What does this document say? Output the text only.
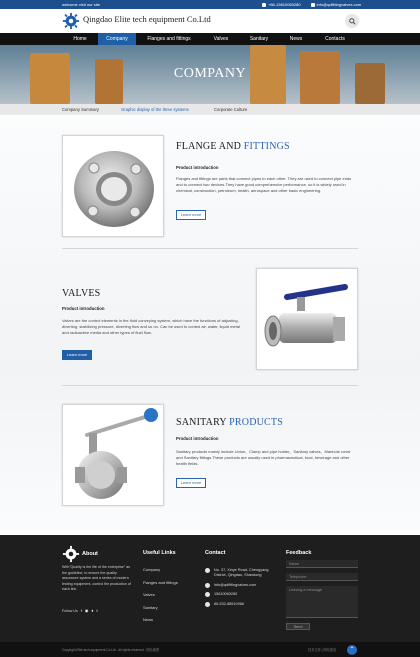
welcome visit our site	+86-15610060280	info@qdfittingvalves.com
Qingdao Elite tech equipment Co.Ltd
Home	Company	Flanges and fittings	Valves	Sanitary	News	Contacts
COMPANY
Company Summary	Graphic display of the three systems	Corporate Culture
FLANGE AND FITTINGS
Product introduction
Flanges and fittings are parts that connect pipes to each other. They are used to connect pipe ends and to connect two devices.They have good comprehensive performance, so it is widely used in chemical, construction, petroleum, health, aerospace and other basic engineering.
Learn more
VALVES
Product introduction
Valves are the control elements in the fluid conveying system, which have the functions of adjusting, diverting, stabilizing pressure, diverting flow and so on. Can be used to control air, water, liquid metal and radioactive media and other types of fluid flow.
Learn more
SANITARY PRODUCTS
Product introduction
Sanitary products mainly include Union、Clamp and pipe holder、Sanitary valves、Manhole cover and Sanitary fittings.These products are usually used in pharmaceutical, food, beverage and other health fields.
Learn more
About
With"Quality is the life of the enterprise" as the guideline, to ensure the quality assurance system and a series of modern testing equipment, control the production of each link.
Follow Us f ◉ ♦ t
Useful Links
Company
Flanges and fittings
Valves
Sanitary
News
Contact
No. 37, Xinye Road, Chengyang District, Qingdao, Shandong
info@qdfittingvalves.com
15610060280
86-532-88910966
Feedback
Name
Telephone
Leaving a message
Send
Copyright Elite tech equipment Co.Ltd . All rights reserved . 网站地图	技术支持 | 网站建设	⌃
